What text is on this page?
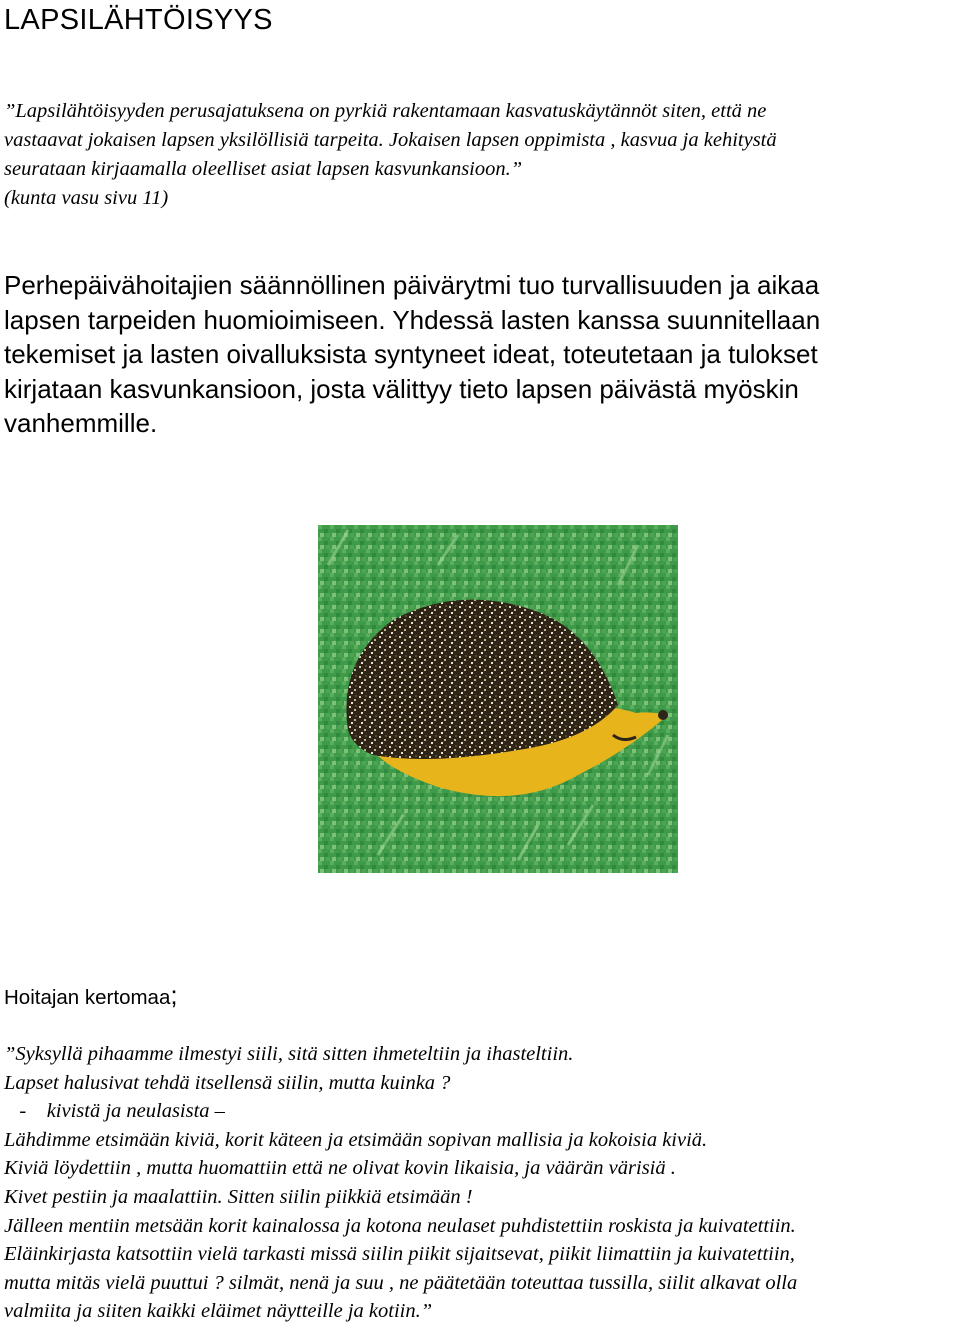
LAPSILÄHTÖISYYS
”Lapsilähtöisyyden perusajatuksena on pyrkiä rakentamaan kasvatuskäytännöt siten, että ne
vastaavat jokaisen lapsen yksilöllisiä tarpeita. Jokaisen lapsen oppimista , kasvua ja kehitystä
seurataan kirjaamalla oleelliset asiat lapsen kasvunkansioon.”
(kunta vasu sivu 11)
Perhepäivähoitajien säännöllinen päivärytmi tuo turvallisuuden ja aikaa
lapsen tarpeiden huomioimiseen. Yhdessä lasten kanssa suunnitellaan
tekemiset ja lasten oivalluksista syntyneet ideat, toteutetaan ja tulokset
kirjataan kasvunkansioon, josta välittyy tieto lapsen päivästä myöskin
vanhemmille.
Hoitajan kertomaa;
”Syksyllä pihaamme ilmestyi siili, sitä sitten ihmeteltiin ja ihasteltiin.
Lapset halusivat tehdä itsellensä siilin, mutta kuinka ?
-    kivistä ja neulasista –
Lähdimme etsimään kiviä, korit käteen ja etsimään sopivan mallisia ja kokoisia kiviä.
Kiviä löydettiin , mutta huomattiin että ne olivat kovin likaisia, ja väärän värisiä .
Kivet pestiin ja maalattiin. Sitten siilin piikkiä etsimään !
Jälleen mentiin metsään korit kainalossa ja kotona neulaset puhdistettiin roskista ja kuivatettiin.
Eläinkirjasta katsottiin vielä tarkasti missä siilin piikit sijaitsevat, piikit liimattiin ja kuivatettiin,
mutta mitäs vielä puuttui ? silmät, nenä ja suu , ne päätetään toteuttaa tussilla, siilit alkavat olla
valmiita ja siiten kaikki eläimet näytteille ja kotiin.”
